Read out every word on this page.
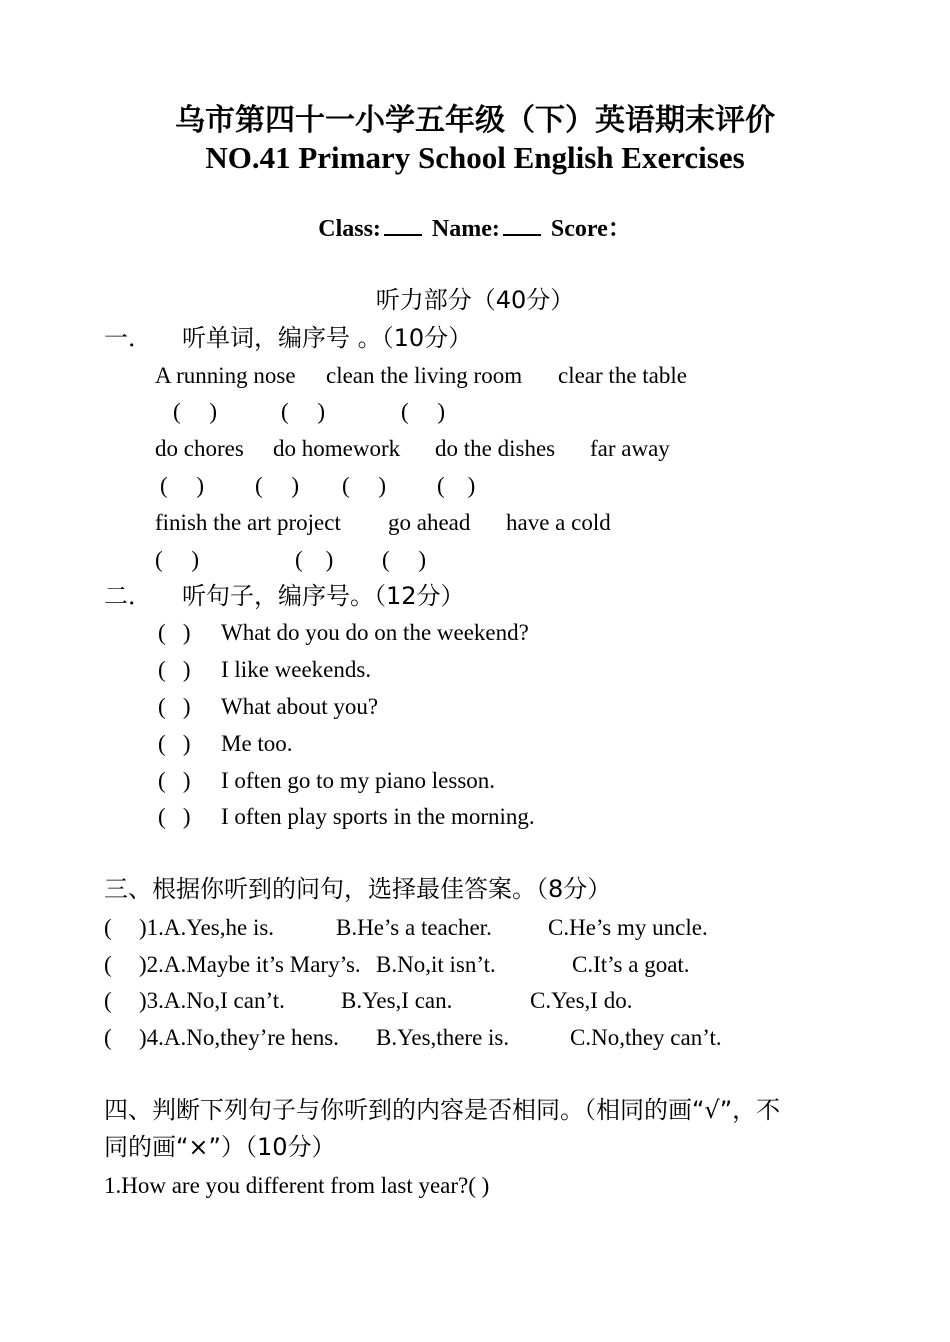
乌市第四十一小学五年级（下）英语期末评价
NO.41 Primary School English Exercises
Class: Name: Score：
听力部分（40分）
一． 听单词，编序号 。（10分）
A running nose clean the living room clear the table
(     )	(     )	(     )
do chores do homework do the dishes far away
(     ) (     ) (     ) (    )
finish the art project go ahead have a cold
(     )	(    ) (     )
二． 听句子，编序号。（12分）
(   ) What do you do on the weekend?
(   ) I like weekends.
(   ) What about you?
(   ) Me too.
(   ) I often go to my piano lesson.
(   ) I often play sports in the morning.
三、根据你听到的问句，选择最佳答案。（8分）
( )1.A.Yes,he is.	B.He’s a teacher. C.He’s my uncle.
( )2.A.Maybe it’s Mary’s. B.No,it isn’t.	C.It’s a goat.
( )3.A.No,I can’t. B.Yes,I can.	C.Yes,I do.
( )4.A.No,they’re hens. B.Yes,there is.	C.No,they can’t.
四、判断下列句子与你听到的内容是否相同。（相同的画“√”，不
同的画“×”）（10分）
1.How are you different from last year?( )
